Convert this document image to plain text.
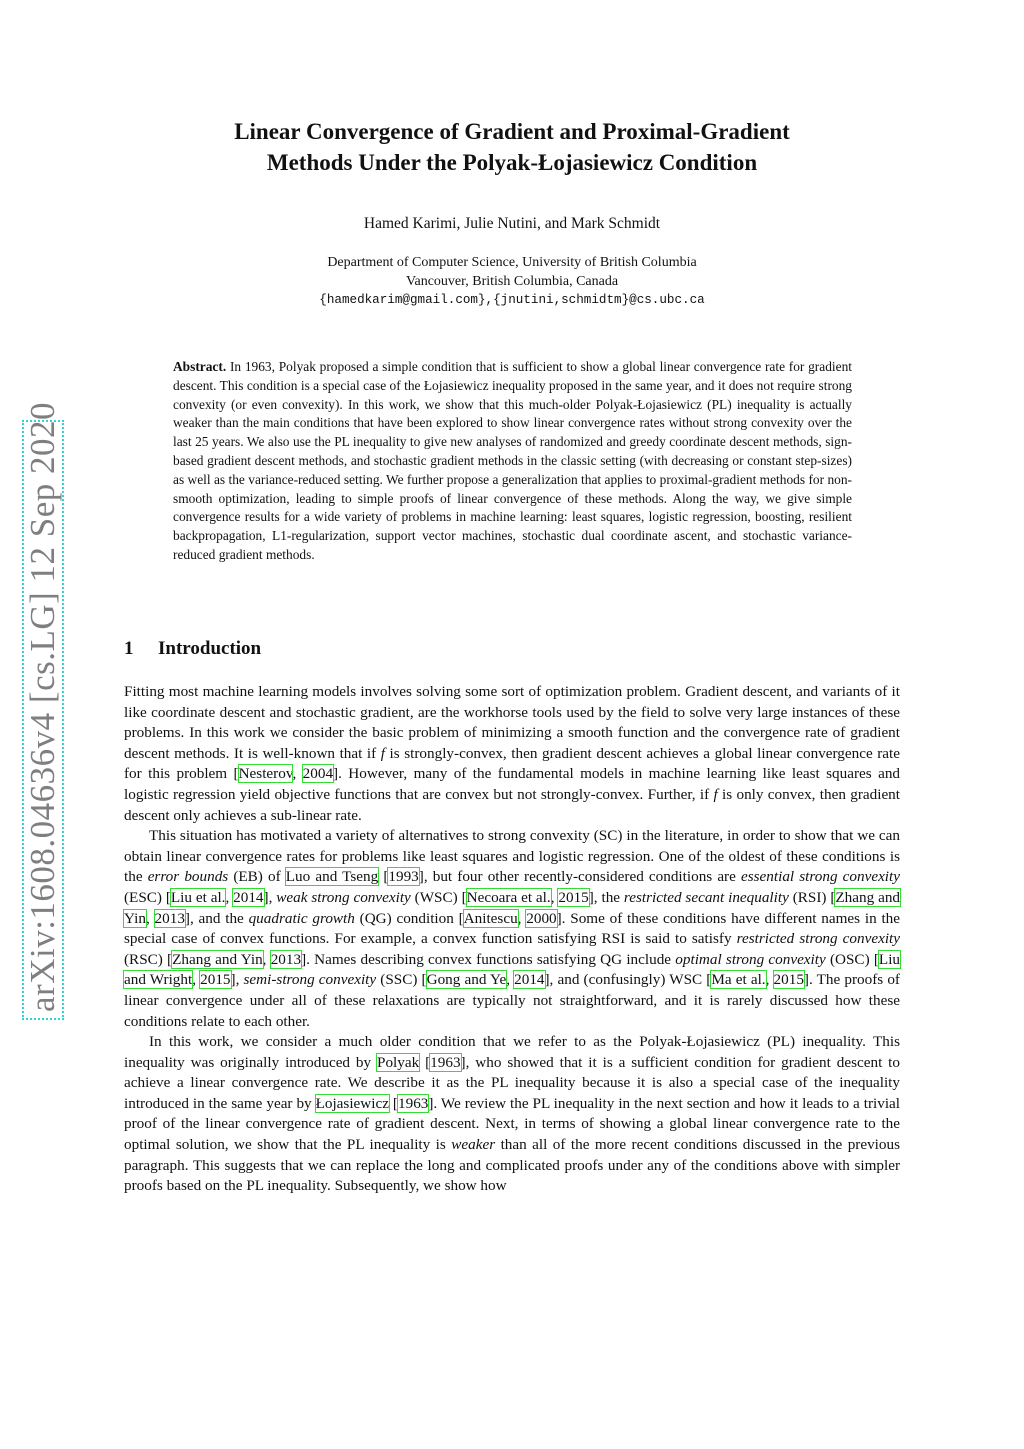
arXiv:1608.04636v4 [cs.LG] 12 Sep 2020
Linear Convergence of Gradient and Proximal-Gradient
Methods Under the Polyak-Łojasiewicz Condition

Hamed Karimi, Julie Nutini, and Mark Schmidt

Department of Computer Science, University of British Columbia
Vancouver, British Columbia, Canada
{hamedkarim@gmail.com},{jnutini,schmidtm}@cs.ubc.ca

Abstract. In 1963, Polyak proposed a simple condition that is sufficient to show a global linear convergence rate for gradient descent. This condition is a special case of the Łojasiewicz inequality proposed in the same year, and it does not require strong convexity (or even convexity). In this work, we show that this much-older Polyak-Łojasiewicz (PL) inequality is actually weaker than the main conditions that have been explored to show linear convergence rates without strong convexity over the last 25 years. We also use the PL inequality to give new analyses of randomized and greedy coordinate descent methods, sign-based gradient descent methods, and stochastic gradient methods in the classic setting (with decreasing or constant step-sizes) as well as the variance-reduced setting. We further propose a generalization that applies to proximal-gradient methods for non-smooth optimization, leading to simple proofs of linear convergence of these methods. Along the way, we give simple convergence results for a wide variety of problems in machine learning: least squares, logistic regression, boosting, resilient backpropagation, L1-regularization, support vector machines, stochastic dual coordinate ascent, and stochastic variance-reduced gradient methods.

1 Introduction

Fitting most machine learning models involves solving some sort of optimization problem. Gradient descent, and variants of it like coordinate descent and stochastic gradient, are the workhorse tools used by the field to solve very large instances of these problems. In this work we consider the basic problem of minimizing a smooth function and the convergence rate of gradient descent methods. It is well-known that if f is strongly-convex, then gradient descent achieves a global linear convergence rate for this problem [Nesterov, 2004]. However, many of the fundamental models in machine learning like least squares and logistic regression yield objective functions that are convex but not strongly-convex. Further, if f is only convex, then gradient descent only achieves a sub-linear rate.

This situation has motivated a variety of alternatives to strong convexity (SC) in the literature, in order to show that we can obtain linear convergence rates for problems like least squares and logistic regression. One of the oldest of these conditions is the error bounds (EB) of Luo and Tseng [1993], but four other recently-considered conditions are essential strong convexity (ESC) [Liu et al., 2014], weak strong convexity (WSC) [Necoara et al., 2015], the restricted secant inequality (RSI) [Zhang and Yin, 2013], and the quadratic growth (QG) condition [Anitescu, 2000]. Some of these conditions have different names in the special case of convex functions. For example, a convex function satisfying RSI is said to satisfy restricted strong convexity (RSC) [Zhang and Yin, 2013]. Names describing convex functions satisfying QG include optimal strong convexity (OSC) [Liu and Wright, 2015], semi-strong convexity (SSC) [Gong and Ye, 2014], and (confusingly) WSC [Ma et al., 2015]. The proofs of linear convergence under all of these relaxations are typically not straightforward, and it is rarely discussed how these conditions relate to each other.

In this work, we consider a much older condition that we refer to as the Polyak-Łojasiewicz (PL) inequality. This inequality was originally introduced by Polyak [1963], who showed that it is a sufficient condition for gradient descent to achieve a linear convergence rate. We describe it as the PL inequality because it is also a special case of the inequality introduced in the same year by Łojasiewicz [1963]. We review the PL inequality in the next section and how it leads to a trivial proof of the linear convergence rate of gradient descent. Next, in terms of showing a global linear convergence rate to the optimal solution, we show that the PL inequality is weaker than all of the more recent conditions discussed in the previous paragraph. This suggests that we can replace the long and complicated proofs under any of the conditions above with simpler proofs based on the PL inequality. Subsequently, we show how
